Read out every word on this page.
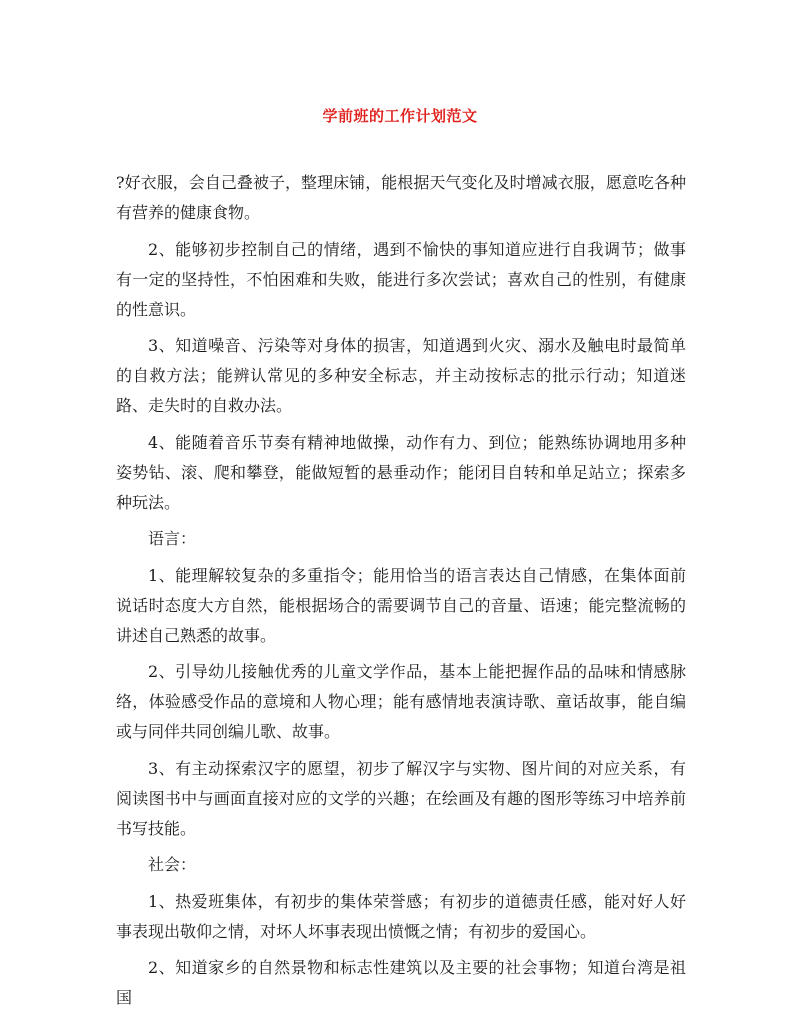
学前班的工作计划范文

?好衣服，会自己叠被子，整理床铺，能根据天气变化及时增减衣服，愿意吃各种有营养的健康食物。

2、能够初步控制自己的情绪，遇到不愉快的事知道应进行自我调节；做事有一定的坚持性，不怕困难和失败，能进行多次尝试；喜欢自己的性别，有健康的性意识。

3、知道噪音、污染等对身体的损害，知道遇到火灾、溺水及触电时最简单的自救方法；能辨认常见的多种安全标志，并主动按标志的批示行动；知道迷路、走失时的自救办法。

4、能随着音乐节奏有精神地做操，动作有力、到位；能熟练协调地用多种姿势钻、滚、爬和攀登，能做短暂的悬垂动作；能闭目自转和单足站立；探索多种玩法。

语言：

1、能理解较复杂的多重指令；能用恰当的语言表达自己情感，在集体面前说话时态度大方自然，能根据场合的需要调节自己的音量、语速；能完整流畅的讲述自己熟悉的故事。

2、引导幼儿接触优秀的儿童文学作品，基本上能把握作品的品味和情感脉络，体验感受作品的意境和人物心理；能有感情地表演诗歌、童话故事，能自编或与同伴共同创编儿歌、故事。

3、有主动探索汉字的愿望，初步了解汉字与实物、图片间的对应关系，有阅读图书中与画面直接对应的文学的兴趣；在绘画及有趣的图形等练习中培养前书写技能。

社会：

1、热爱班集体，有初步的集体荣誉感；有初步的道德责任感，能对好人好事表现出敬仰之情，对坏人坏事表现出愤慨之情；有初步的爱国心。

2、知道家乡的自然景物和标志性建筑以及主要的社会事物；知道台湾是祖国
